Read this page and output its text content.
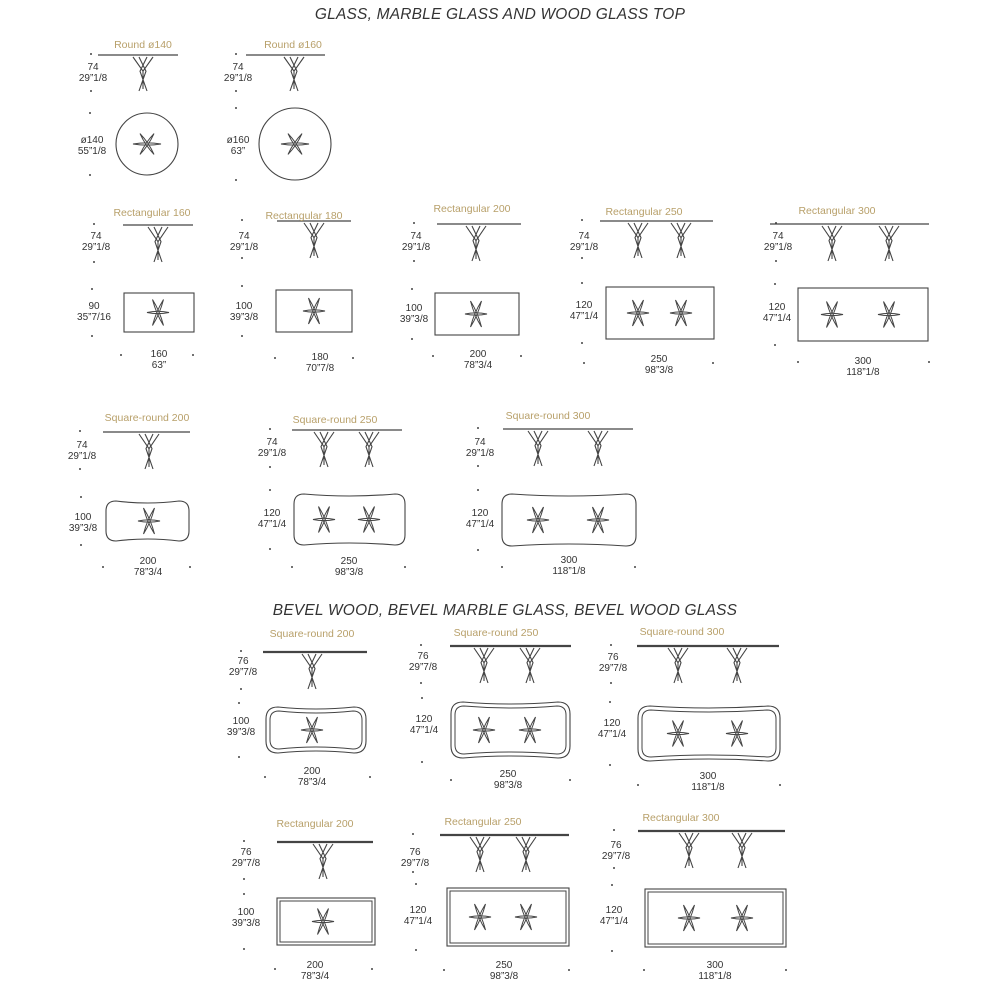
GLASS, MARBLE GLASS AND WOOD GLASS TOP
BEVEL WOOD, BEVEL MARBLE GLASS, BEVEL WOOD GLASS
Round ø140
74
29”1/8
ø140
55”1/8
Round ø160
74
29”1/8
ø160
63”
Rectangular 160
74
29”1/8
160
63”
90
35”7/16
Rectangular 180
74
29”1/8
180
70”7/8
100
39”3/8
Rectangular 200
74
29”1/8
200
78”3/4
100
39”3/8
Rectangular 250
74
29”1/8
250
98”3/8
120
47”1/4
Rectangular 300
74
29”1/8
300
118”1/8
120
47”1/4
Square-round 200
74
29”1/8
200
78”3/4
100
39”3/8
Square-round 250
74
29”1/8
250
98”3/8
120
47”1/4
Square-round 300
74
29”1/8
300
118”1/8
120
47”1/4
Square-round 200
76
29”7/8
200
78”3/4
100
39”3/8
Square-round 250
76
29”7/8
250
98”3/8
120
47”1/4
Square-round 300
76
29”7/8
300
118”1/8
120
47”1/4
Rectangular 200
76
29”7/8
200
78”3/4
100
39”3/8
Rectangular 250
76
29”7/8
250
98”3/8
120
47”1/4
Rectangular 300
76
29”7/8
300
118”1/8
120
47”1/4
